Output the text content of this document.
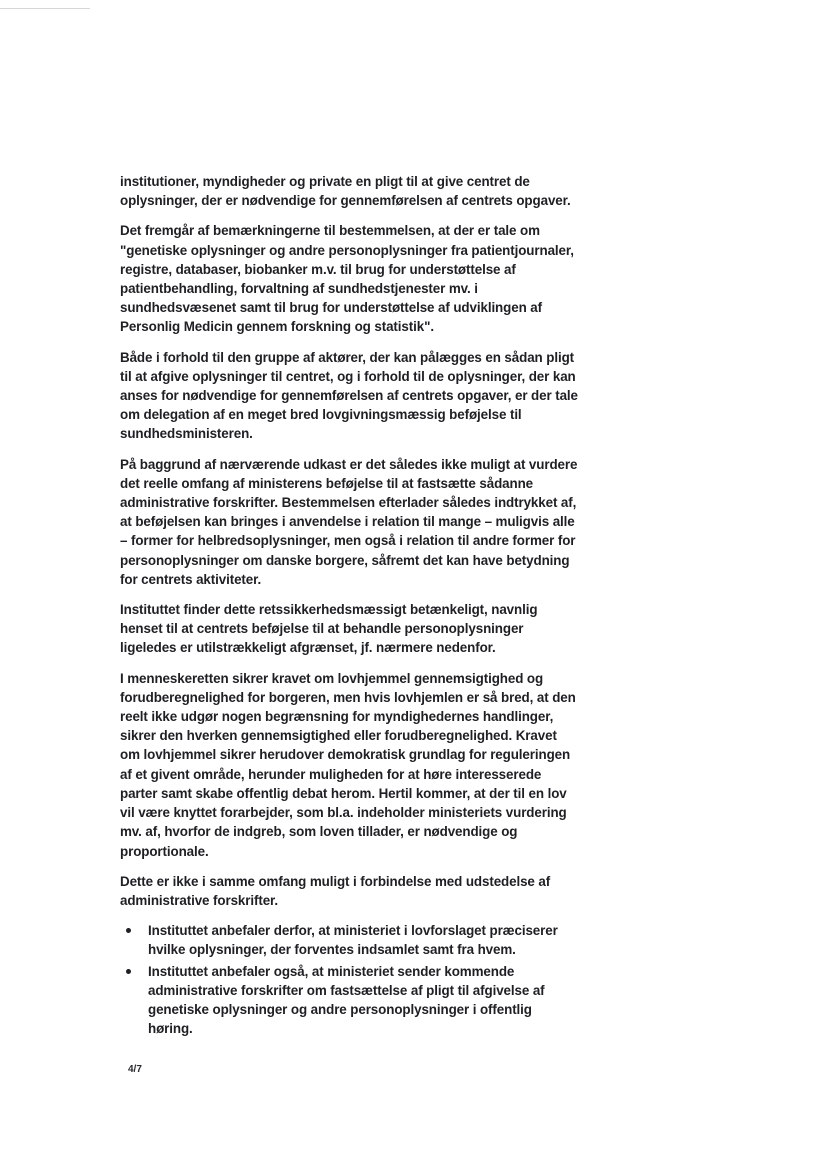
institutioner, myndigheder og private en pligt til at give centret de oplysninger, der er nødvendige for gennemførelsen af centrets opgaver.

Det fremgår af bemærkningerne til bestemmelsen, at der er tale om "genetiske oplysninger og andre personoplysninger fra patientjournaler, registre, databaser, biobanker m.v. til brug for understøttelse af patientbehandling, forvaltning af sundhedstjenester mv. i sundhedsvæsenet samt til brug for understøttelse af udviklingen af Personlig Medicin gennem forskning og statistik".

Både i forhold til den gruppe af aktører, der kan pålægges en sådan pligt til at afgive oplysninger til centret, og i forhold til de oplysninger, der kan anses for nødvendige for gennemførelsen af centrets opgaver, er der tale om delegation af en meget bred lovgivningsmæssig beføjelse til sundhedsministeren.

På baggrund af nærværende udkast er det således ikke muligt at vurdere det reelle omfang af ministerens beføjelse til at fastsætte sådanne administrative forskrifter. Bestemmelsen efterlader således indtrykket af, at beføjelsen kan bringes i anvendelse i relation til mange – muligvis alle – former for helbredsoplysninger, men også i relation til andre former for personoplysninger om danske borgere, såfremt det kan have betydning for centrets aktiviteter.

Instituttet finder dette retssikkerhedsmæssigt betænkeligt, navnlig henset til at centrets beføjelse til at behandle personoplysninger ligeledes er utilstrækkeligt afgrænset, jf. nærmere nedenfor.

I menneskeretten sikrer kravet om lovhjemmel gennemsigtighed og forudberegnelighed for borgeren, men hvis lovhjemlen er så bred, at den reelt ikke udgør nogen begrænsning for myndighedernes handlinger, sikrer den hverken gennemsigtighed eller forudberegnelighed. Kravet om lovhjemmel sikrer herudover demokratisk grundlag for reguleringen af et givent område, herunder muligheden for at høre interesserede parter samt skabe offentlig debat herom. Hertil kommer, at der til en lov vil være knyttet forarbejder, som bl.a. indeholder ministeriets vurdering mv. af, hvorfor de indgreb, som loven tillader, er nødvendige og proportionale.

Dette er ikke i samme omfang muligt i forbindelse med udstedelse af administrative forskrifter.

Instituttet anbefaler derfor, at ministeriet i lovforslaget præciserer hvilke oplysninger, der forventes indsamlet samt fra hvem.
Instituttet anbefaler også, at ministeriet sender kommende administrative forskrifter om fastsættelse af pligt til afgivelse af genetiske oplysninger og andre personoplysninger i offentlig høring.
4/7
